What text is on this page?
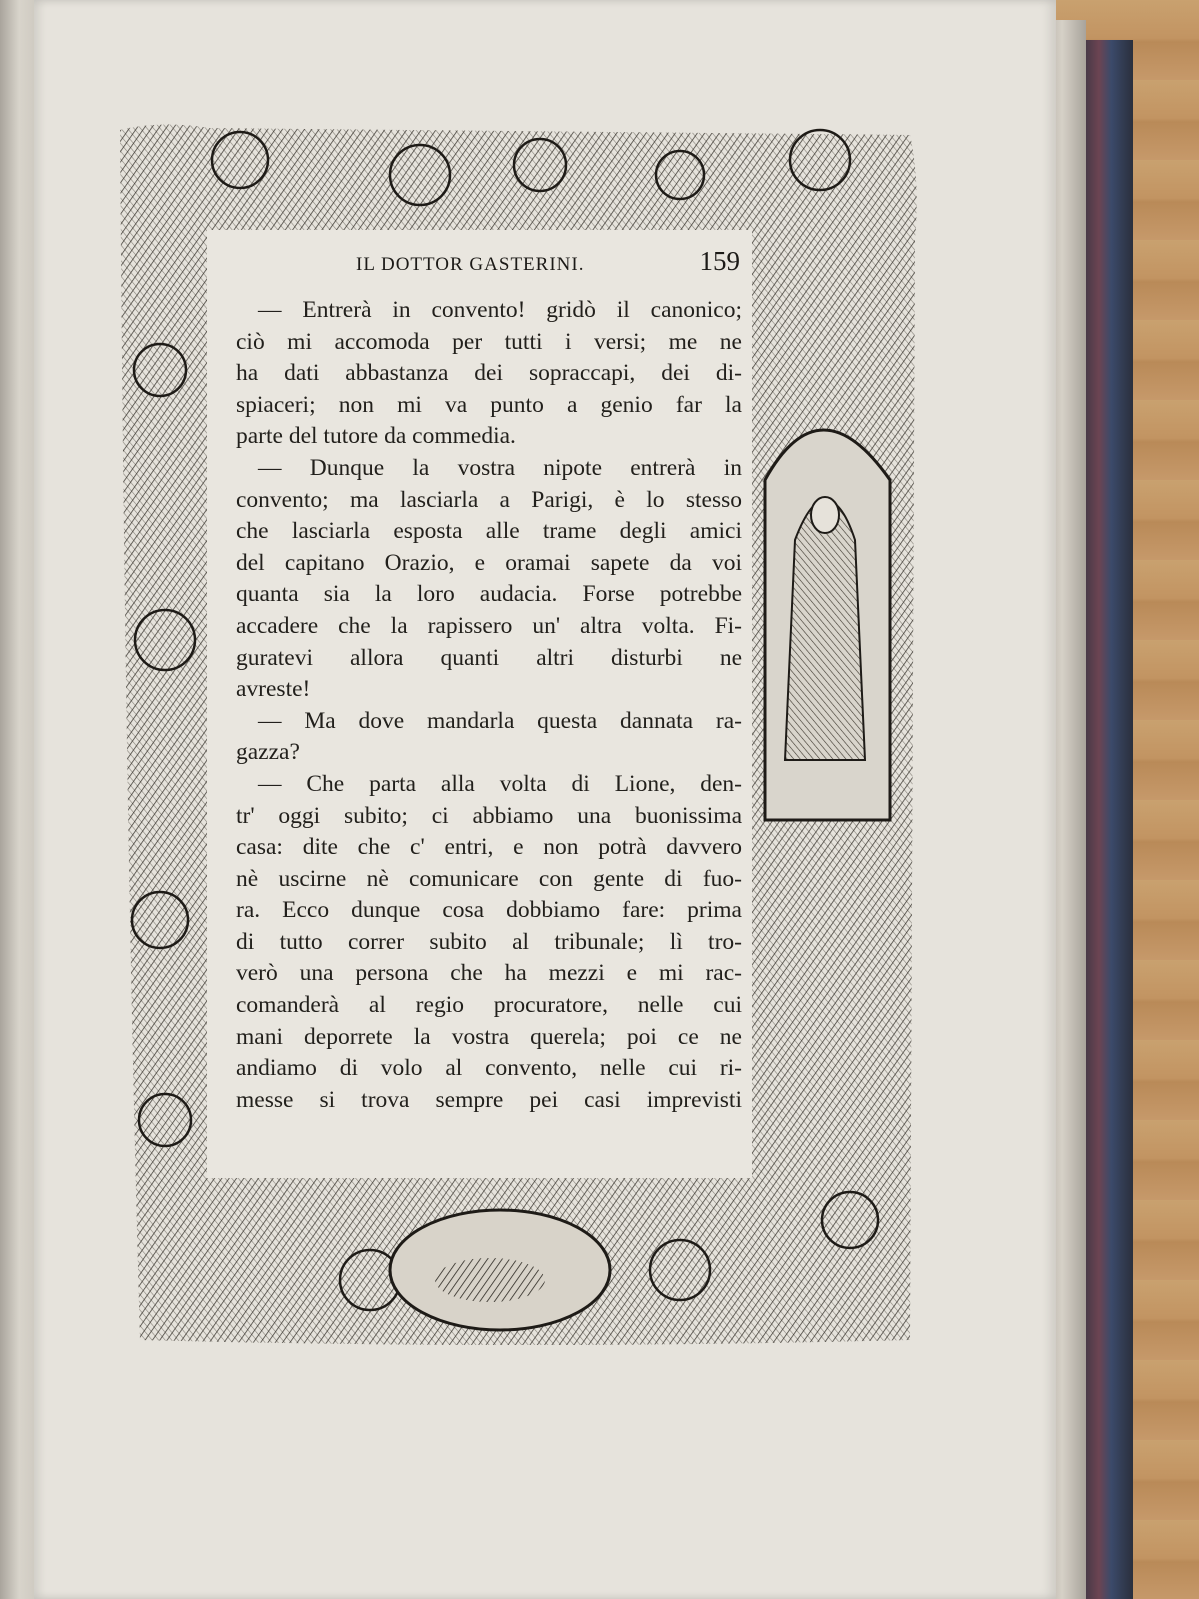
IL DOTTOR GASTERINI.	159
— Entrerà in convento! gridò il canonico;
ciò mi accomoda per tutti i versi; me ne
ha dati abbastanza dei sopraccapi, dei di-
spiaceri; non mi va punto a genio far la
parte del tutore da commedia.
— Dunque la vostra nipote entrerà in
convento; ma lasciarla a Parigi, è lo stesso
che lasciarla esposta alle trame degli amici
del capitano Orazio, e oramai sapete da voi
quanta sia la loro audacia. Forse potrebbe
accadere che la rapissero un' altra volta. Fi-
guratevi allora quanti altri disturbi ne
avreste!
— Ma dove mandarla questa dannata ra-
gazza?
— Che parta alla volta di Lione, den-
tr' oggi subito; ci abbiamo una buonissima
casa: dite che c' entri, e non potrà davvero
nè uscirne nè comunicare con gente di fuo-
ra. Ecco dunque cosa dobbiamo fare: prima
di tutto correr subito al tribunale; lì tro-
verò una persona che ha mezzi e mi rac-
comanderà al regio procuratore, nelle cui
mani deporrete la vostra querela; poi ce ne
andiamo di volo al convento, nelle cui ri-
messe si trova sempre pei casi imprevisti
